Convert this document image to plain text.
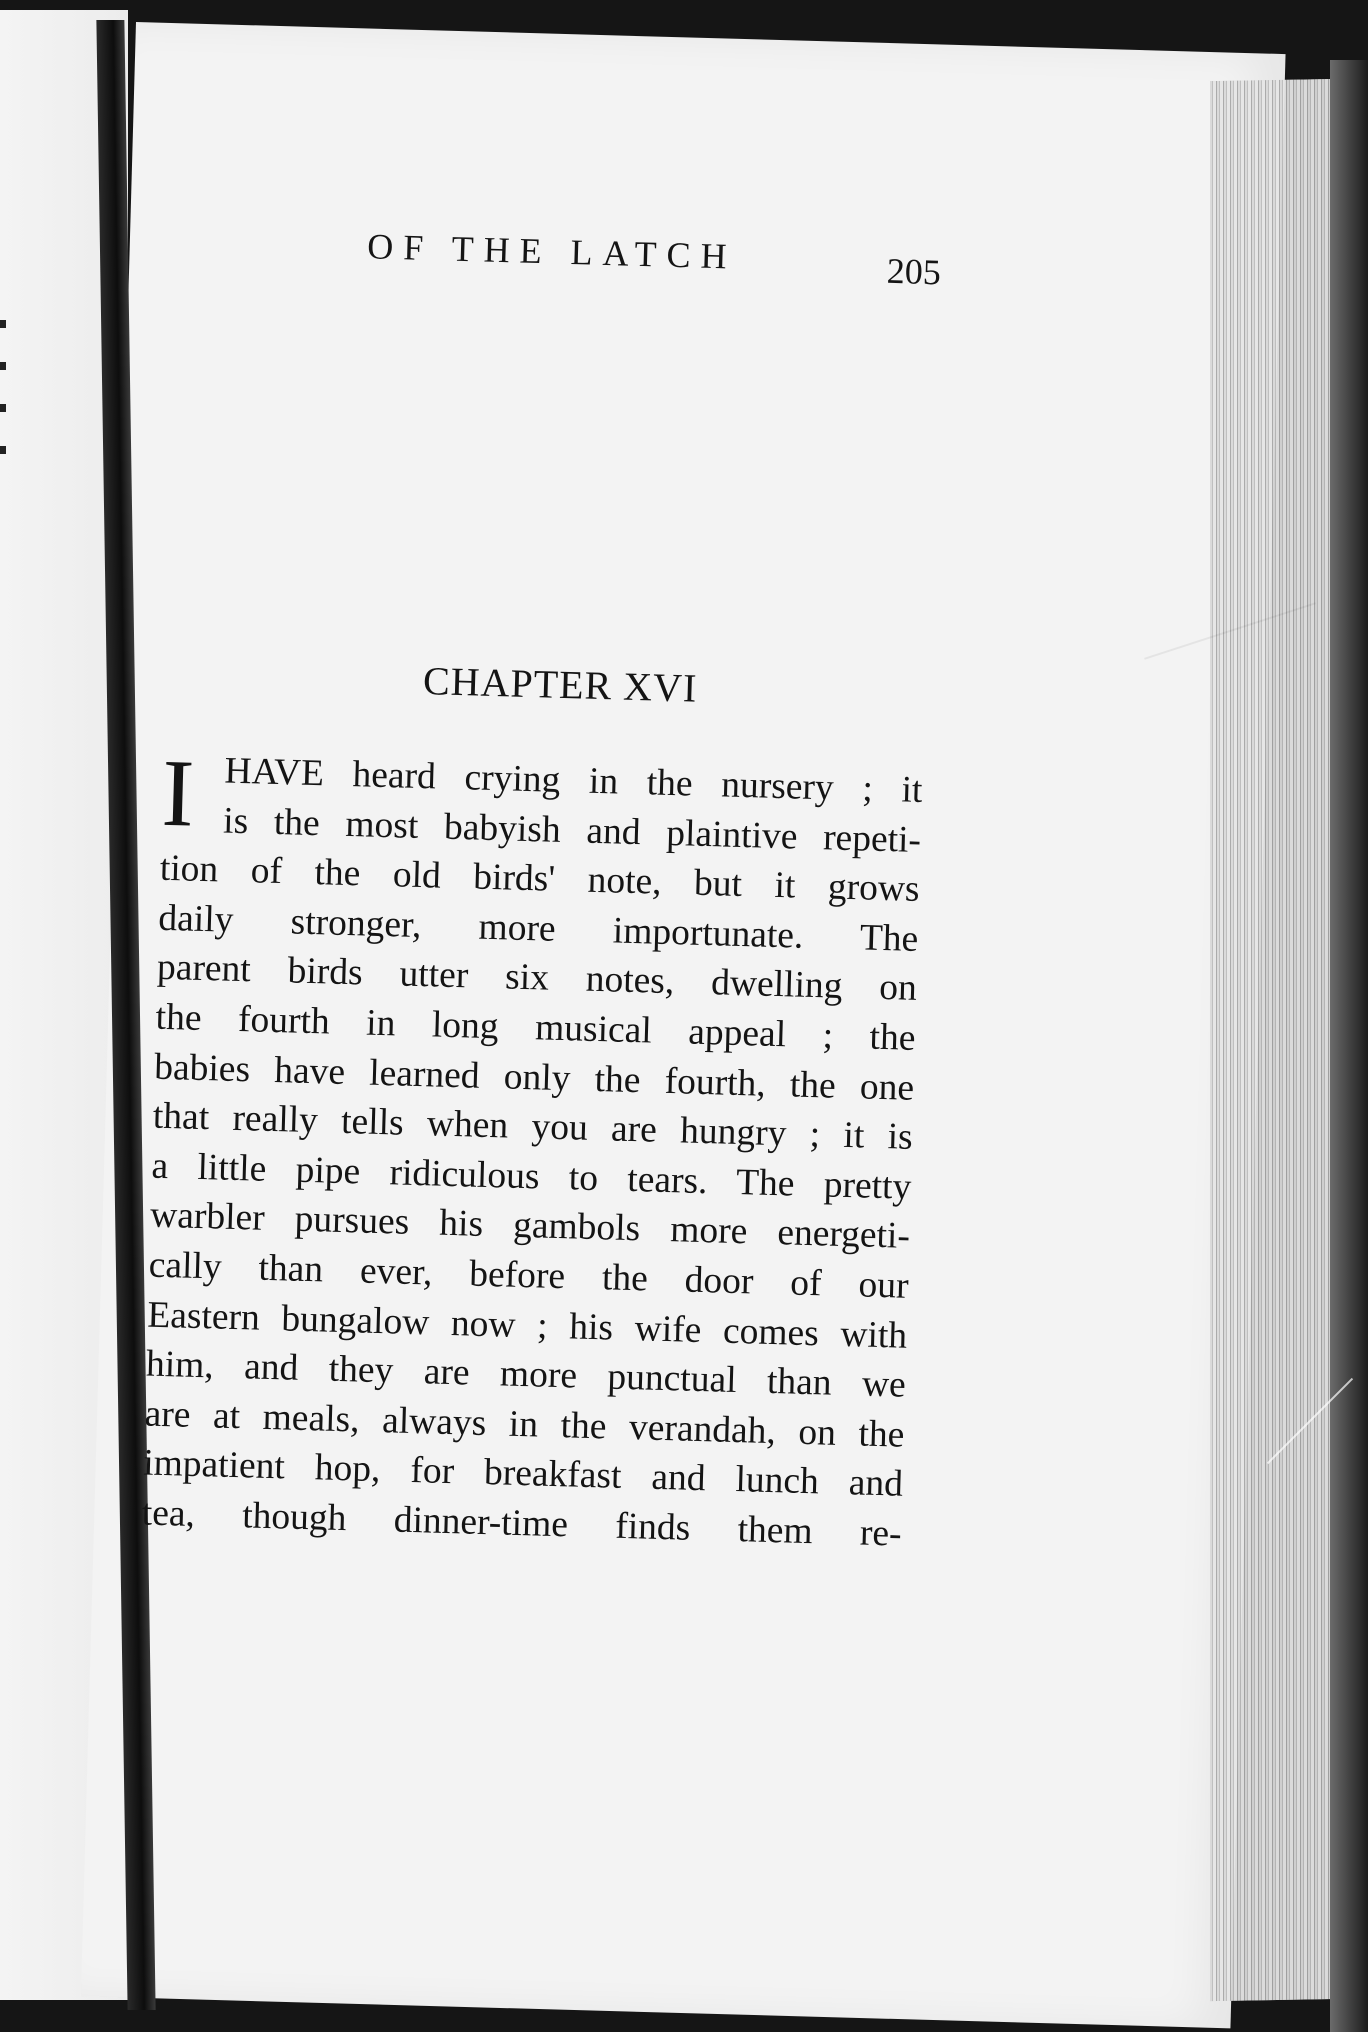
OF THE LATCH	205
CHAPTER XVI
I HAVE heard crying in the nursery ; it
is the most babyish and plaintive repeti-
tion of the old birds' note, but it grows
daily stronger, more importunate. The
parent birds utter six notes, dwelling on
the fourth in long musical appeal ; the
babies have learned only the fourth, the one
that really tells when you are hungry ; it is
a little pipe ridiculous to tears. The pretty
warbler pursues his gambols more energeti-
cally than ever, before the door of our
Eastern bungalow now ; his wife comes with
him, and they are more punctual than we
are at meals, always in the verandah, on the
impatient hop, for breakfast and lunch and
tea, though dinner-time finds them re-
